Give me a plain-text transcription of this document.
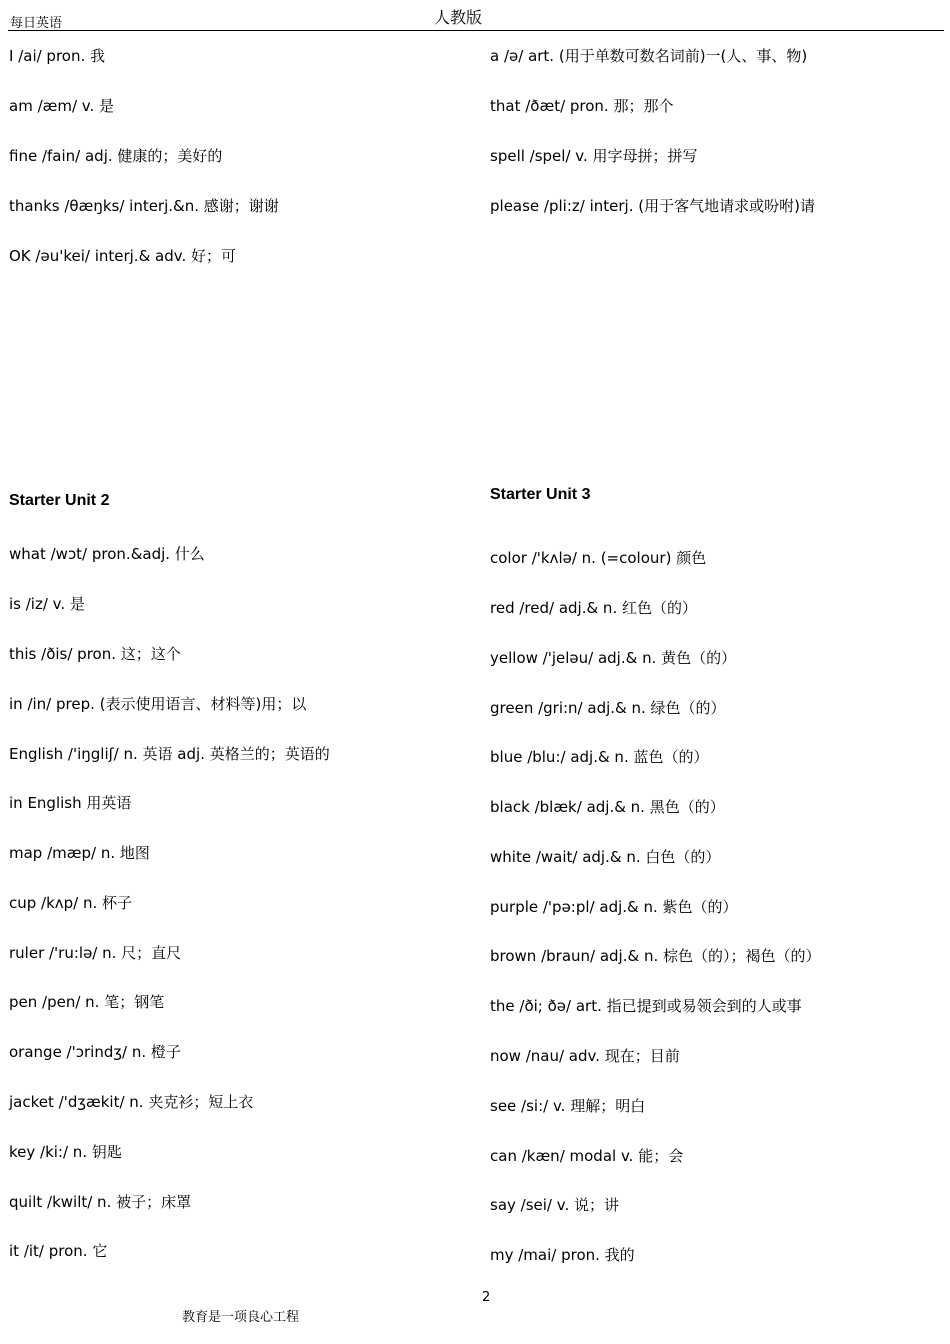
每日英语	人教版
I /ai/ pron. 我
am /æm/ v. 是
fine /fain/ adj. 健康的；美好的
thanks /θæŋks/ interj.&n. 感谢；谢谢
OK /əu'kei/ interj.& adv. 好；可
a /ə/ art. (用于单数可数名词前)一(人、事、物)
that /ðæt/ pron. 那；那个
spell /spel/ v. 用字母拼；拼写
please /pli:z/ interj. (用于客气地请求或吩咐)请
Starter Unit 2
what /wɔt/ pron.&adj. 什么
is /iz/ v. 是
this /ðis/ pron. 这；这个
in /in/ prep. (表示使用语言、材料等)用；以
English /'iŋgliʃ/ n. 英语 adj. 英格兰的；英语的
in English 用英语
map /mæp/ n. 地图
cup /kʌp/ n. 杯子
ruler /'ru:lə/ n. 尺；直尺
pen /pen/ n. 笔；钢笔
orange /'ɔrindʒ/ n. 橙子
jacket /'dʒækit/ n. 夹克衫；短上衣
key /ki:/ n. 钥匙
quilt /kwilt/ n. 被子；床罩
it /it/ pron. 它
Starter Unit 3
color /'kʌlə/ n. (=colour) 颜色
red /red/ adj.& n. 红色（的）
yellow /'jeləu/ adj.& n. 黄色（的）
green /gri:n/ adj.& n. 绿色（的）
blue /blu:/ adj.& n. 蓝色（的）
black /blæk/ adj.& n. 黑色（的）
white /wait/ adj.& n. 白色（的）
purple /'pə:pl/ adj.& n. 紫色（的）
brown /braun/ adj.& n. 棕色（的）；褐色（的）
the /ði; ðə/ art. 指已提到或易领会到的人或事
now /nau/ adv. 现在；目前
see /si:/ v. 理解；明白
can /kæn/ modal v. 能；会
say /sei/ v. 说；讲
my /mai/ pron. 我的
2
教育是一项良心工程
